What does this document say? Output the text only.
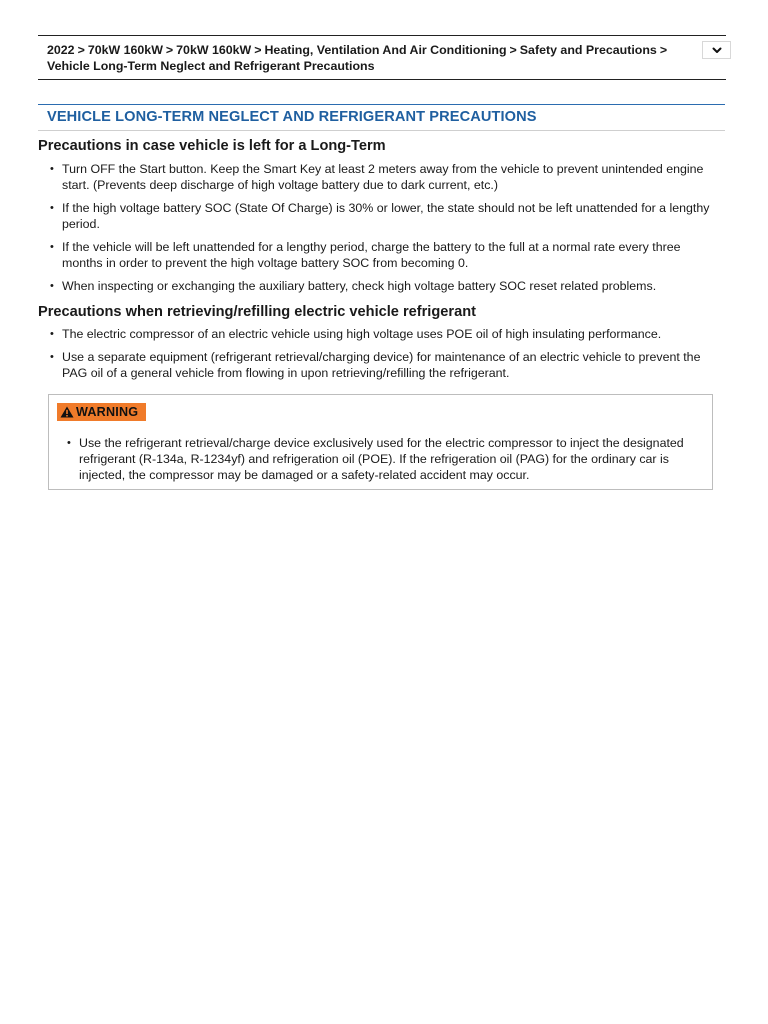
2022 > 70kW 160kW > 70kW 160kW > Heating, Ventilation And Air Conditioning > Safety and Precautions >
Vehicle Long-Term Neglect and Refrigerant Precautions
VEHICLE LONG-TERM NEGLECT AND REFRIGERANT PRECAUTIONS
Precautions in case vehicle is left for a Long-Term
• Turn OFF the Start button. Keep the Smart Key at least 2 meters away from the vehicle to prevent unintended engine start. (Prevents deep discharge of high voltage battery due to dark current, etc.)
• If the high voltage battery SOC (State Of Charge) is 30% or lower, the state should not be left unattended for a lengthy period.
• If the vehicle will be left unattended for a lengthy period, charge the battery to the full at a normal rate every three months in order to prevent the high voltage battery SOC from becoming 0.
• When inspecting or exchanging the auxiliary battery, check high voltage battery SOC reset related problems.
Precautions when retrieving/refilling electric vehicle refrigerant
• The electric compressor of an electric vehicle using high voltage uses POE oil of high insulating performance.
• Use a separate equipment (refrigerant retrieval/charging device) for maintenance of an electric vehicle to prevent the PAG oil of a general vehicle from flowing in upon retrieving/refilling the refrigerant.
WARNING
• Use the refrigerant retrieval/charge device exclusively used for the electric compressor to inject the designated refrigerant (R-134a, R-1234yf) and refrigeration oil (POE). If the refrigeration oil (PAG) for the ordinary car is injected, the compressor may be damaged or a safety-related accident may occur.
